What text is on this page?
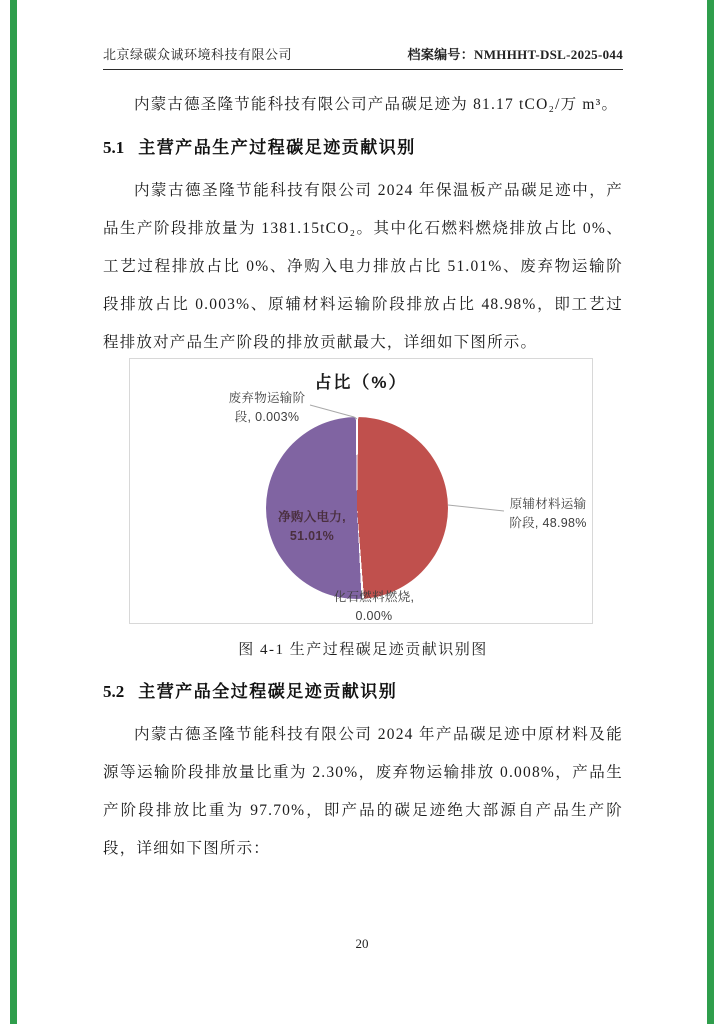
北京绿碳众诚环境科技有限公司	档案编号：NMHHHT-DSL-2025-044

内蒙古德圣隆节能科技有限公司产品碳足迹为 81.17 tCO₂/万 m³。

5.1 主营产品生产过程碳足迹贡献识别

内蒙古德圣隆节能科技有限公司 2024 年保温板产品碳足迹中，产品生产阶段排放量为 1381.15tCO₂。其中化石燃料燃烧排放占比 0%、工艺过程排放占比 0%、净购入电力排放占比 51.01%、废弃物运输阶段排放占比 0.003%、原辅材料运输阶段排放占比 48.98%，即工艺过程排放对产品生产阶段的排放贡献最大，详细如下图所示。

占比（%）
废弃物运输阶
段, 0.003%
原辅材料运输
阶段, 48.98%
净购入电力,
51.01%
化石燃料燃烧,
0.00%
图 4-1 生产过程碳足迹贡献识别图
5.2 主营产品全过程碳足迹贡献识别

内蒙古德圣隆节能科技有限公司 2024 年产品碳足迹中原材料及能源等运输阶段排放量比重为 2.30%，废弃物运输排放 0.008%，产品生产阶段排放比重为 97.70%，即产品的碳足迹绝大部源自产品生产阶段，详细如下图所示：

20
